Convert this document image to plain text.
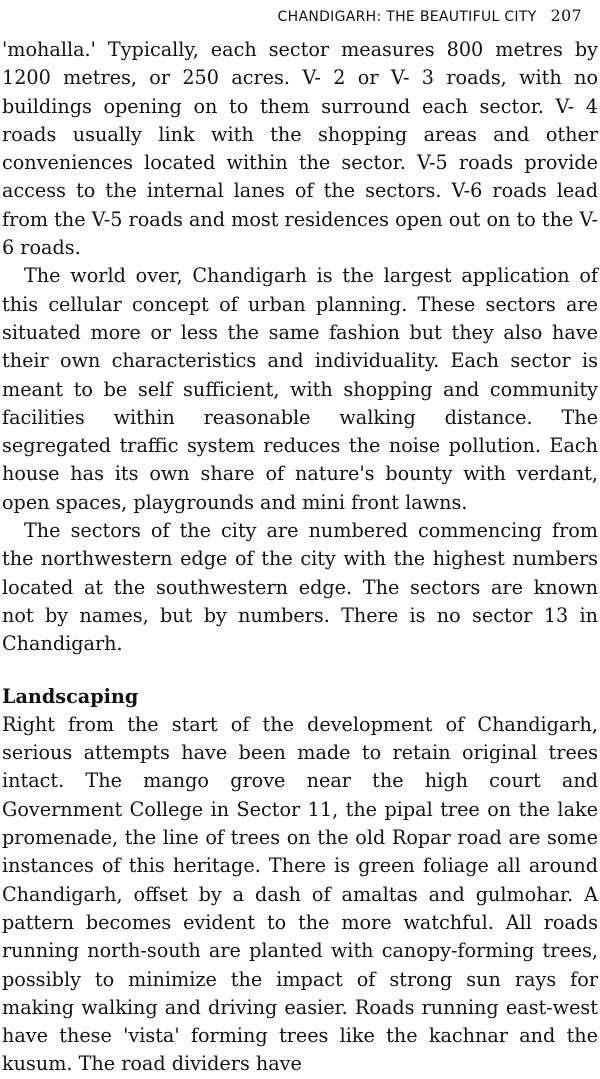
CHANDIGARH: THE BEAUTIFUL CITY 207

'mohalla.' Typically, each sector measures 800 metres by 1200 metres, or 250 acres. V- 2 or V- 3 roads, with no buildings opening on to them surround each sector. V- 4 roads usually link with the shopping areas and other conveniences located within the sector. V-5 roads provide access to the internal lanes of the sectors. V-6 roads lead from the V-5 roads and most residences open out on to the V- 6 roads.

The world over, Chandigarh is the largest application of this cellular concept of urban planning. These sectors are situated more or less the same fashion but they also have their own characteristics and individuality. Each sector is meant to be self sufficient, with shopping and community facilities within reasonable walking distance. The segregated traffic system reduces the noise pollution. Each house has its own share of nature's bounty with verdant, open spaces, playgrounds and mini front lawns.

The sectors of the city are numbered commencing from the northwestern edge of the city with the highest numbers located at the southwestern edge. The sectors are known not by names, but by numbers. There is no sector 13 in Chandigarh.

Landscaping

Right from the start of the development of Chandigarh, serious attempts have been made to retain original trees intact. The mango grove near the high court and Government College in Sector 11, the pipal tree on the lake promenade, the line of trees on the old Ropar road are some instances of this heritage. There is green foliage all around Chandigarh, offset by a dash of amaltas and gulmohar. A pattern becomes evident to the more watchful. All roads running north-south are planted with canopy-forming trees, possibly to minimize the impact of strong sun rays for making walking and driving easier. Roads running east-west have these 'vista' forming trees like the kachnar and the kusum. The road dividers have
